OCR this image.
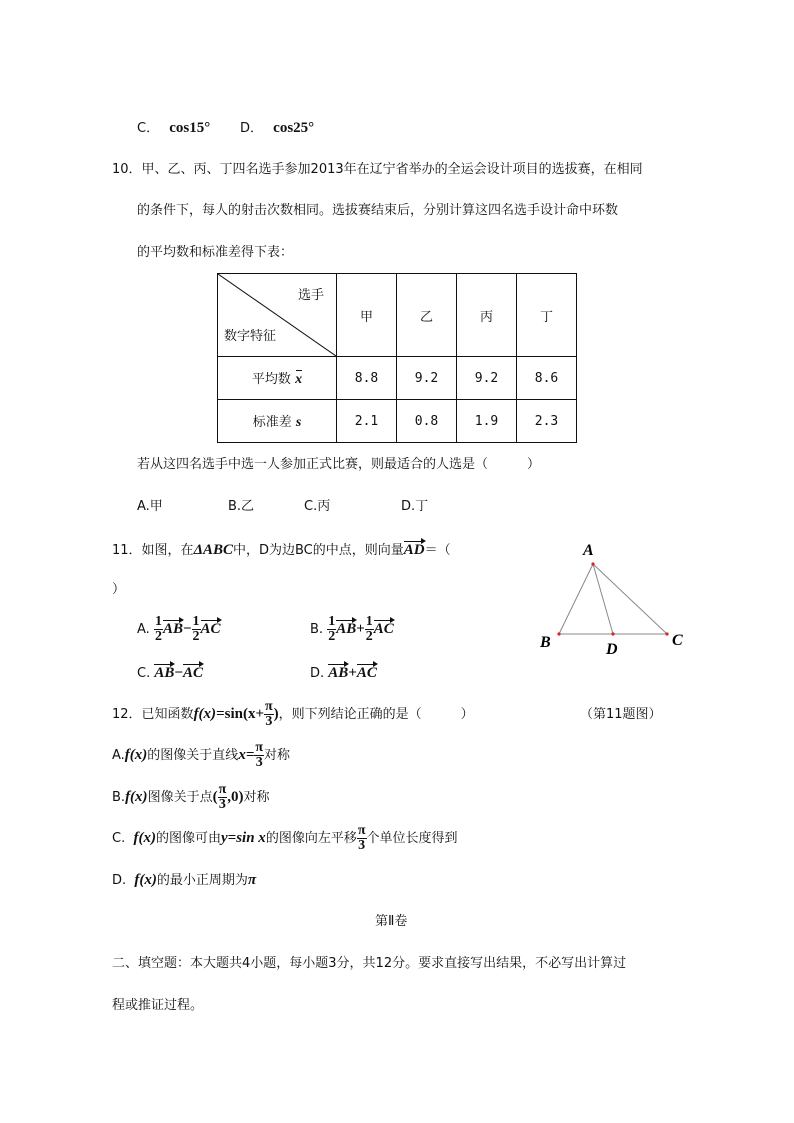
C． cos15° D． cos25°
10．甲、乙、丙、丁四名选手参加2013年在辽宁省举办的全运会设计项目的选拔赛，在相同
的条件下，每人的射击次数相同。选拔赛结束后，分别计算这四名选手设计命中环数
的平均数和标准差得下表：
选手
数字特征	甲	乙	丙	丁
平均数 x	8.8	9.2	9.2	8.6
标准差 s	2.1	0.8	1.9	2.3
若从这四名选手中选一人参加正式比赛，则最适合的人选是（　　　）
A.甲	B.乙	C.丙	D.丁
11．如图，在ΔABC中，D为边BC的中点，则向量AD＝（
）
A. $\frac{1}{2} AB- \frac{1}{2}$ AC	B. $\frac{1}{2} AB+ \frac{1}{2}$ AC
C. AB−AC	D. AB+AC
A
B	C
D
12．已知函数$f(x)=\sin(x+ \frac{\pi}{3}$ )，则下列结论正确的是（　　　）	（第11题图）
A.f(x)的图像关于直线$x= \frac{\pi}{3}$ 对称
B.f(x)图像关于点( $\frac{\pi}{3} ,0$)对称
C. f(x)的图像可由y=sin x的图像向左平移 $\frac{\pi}{3}$ 个单位长度得到
D. f(x)的最小正周期为π
第Ⅱ卷
二、填空题：本大题共4小题，每小题3分，共12分。要求直接写出结果，不必写出计算过
程或推证过程。
